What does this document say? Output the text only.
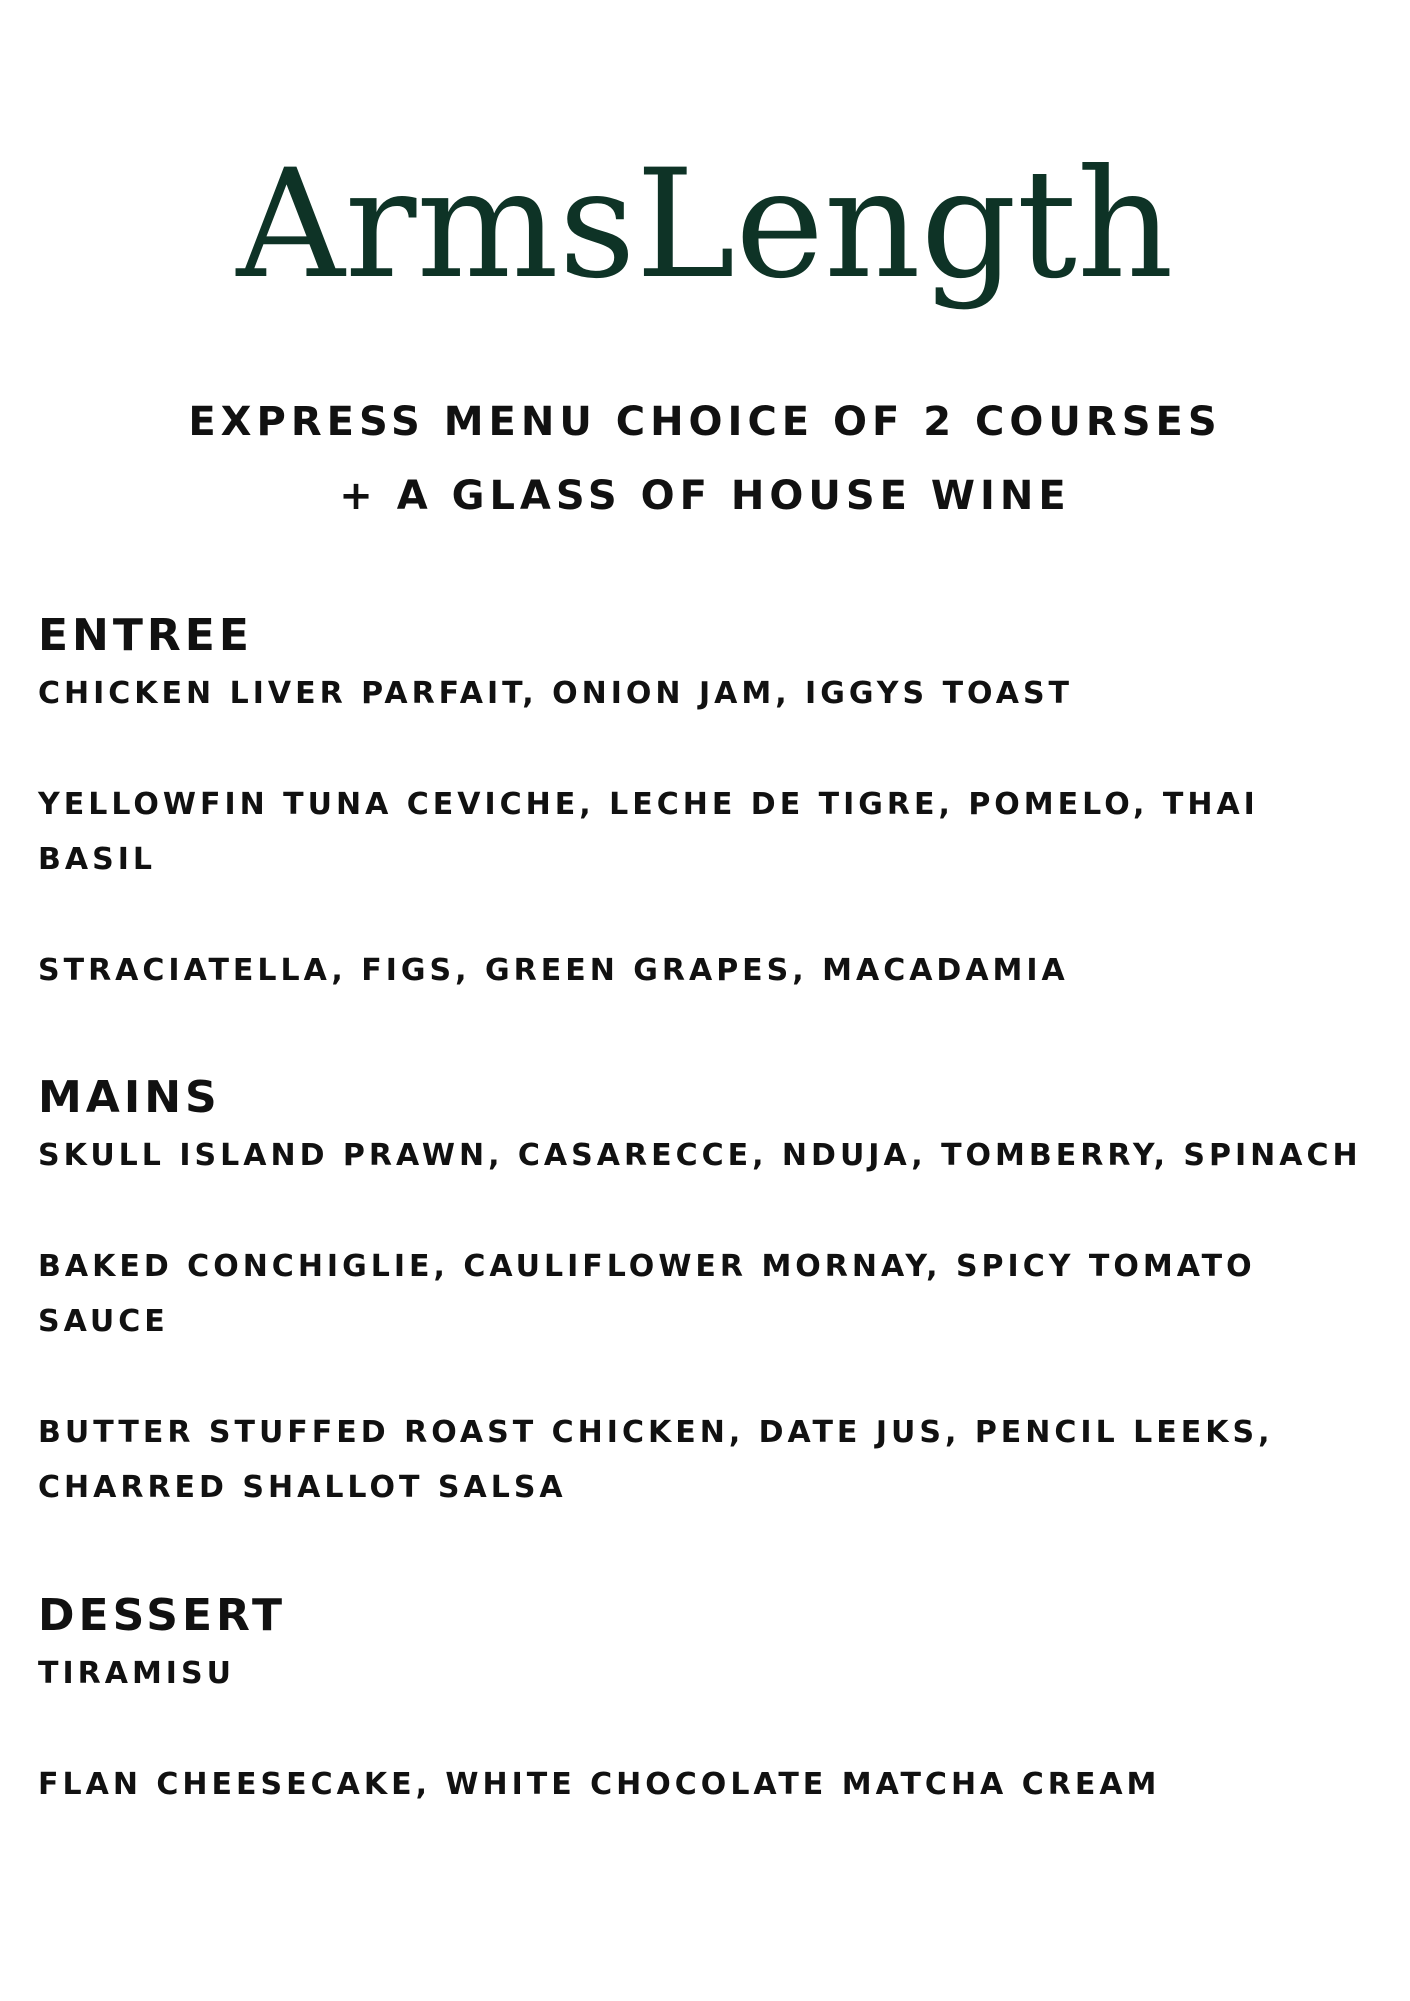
ArmsLength
EXPRESS MENU CHOICE OF 2 COURSES
+ A GLASS OF HOUSE WINE
ENTREE
CHICKEN LIVER PARFAIT, ONION JAM, IGGYS TOAST
YELLOWFIN TUNA CEVICHE, LECHE DE TIGRE, POMELO, THAI BASIL
STRACIATELLA, FIGS, GREEN GRAPES, MACADAMIA
MAINS
SKULL ISLAND PRAWN, CASARECCE, NDUJA, TOMBERRY, SPINACH
BAKED CONCHIGLIE, CAULIFLOWER MORNAY, SPICY TOMATO SAUCE
BUTTER STUFFED ROAST CHICKEN, DATE JUS, PENCIL LEEKS, CHARRED SHALLOT SALSA
DESSERT
TIRAMISU
FLAN CHEESECAKE, WHITE CHOCOLATE MATCHA CREAM
